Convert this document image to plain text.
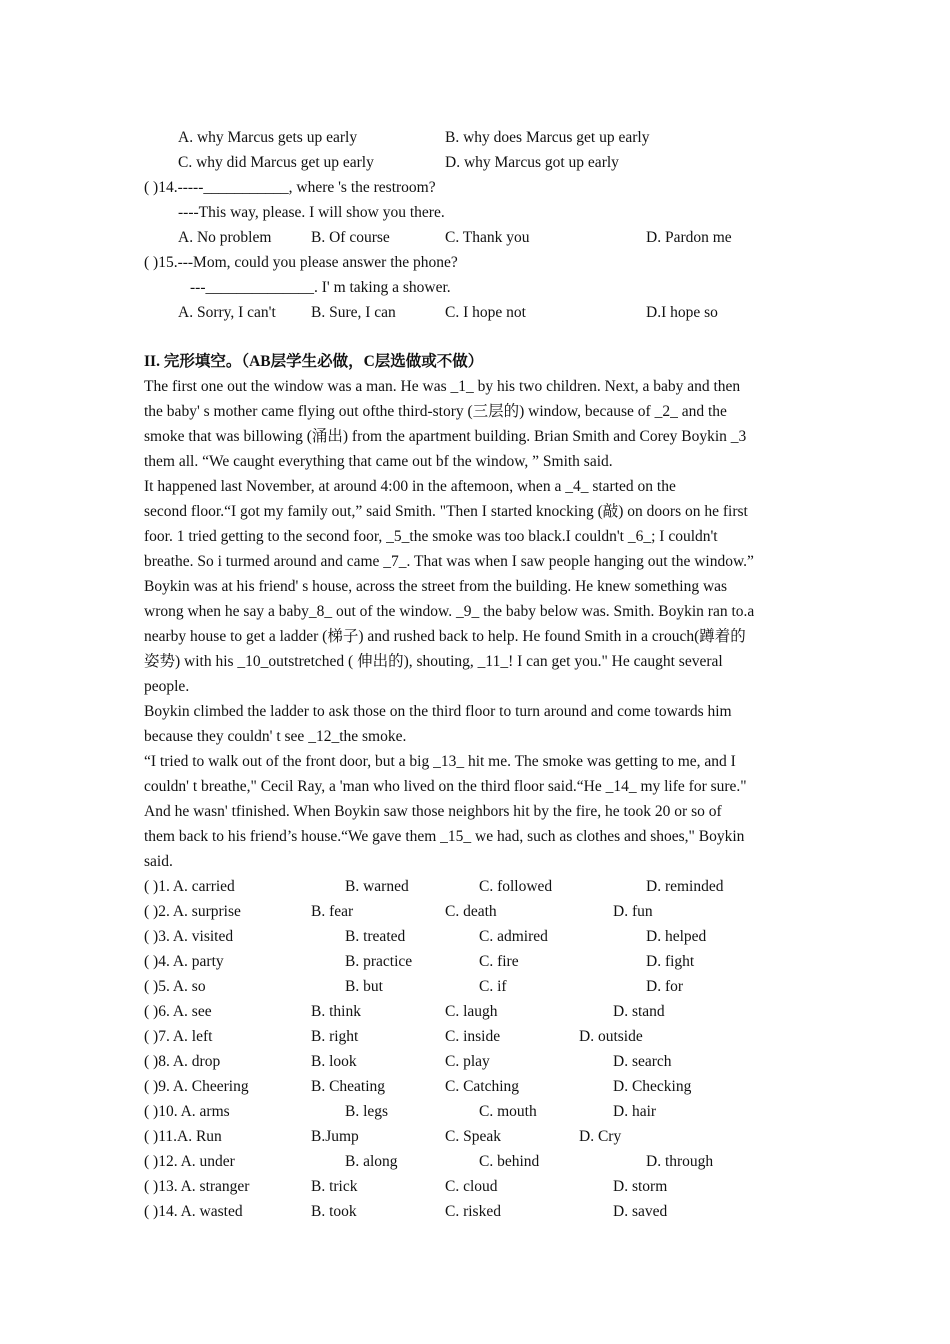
A. why Marcus gets up early	B. why does Marcus get up early
C. why did Marcus get up early	D. why Marcus got up early
( )14.-----___________, where 's the restroom?
----This way, please. I will show you there.
A. No problem	B. Of course	C. Thank you	D. Pardon me
( )15.---Mom, could you please answer the phone?
---______________. I' m taking a shower.
A. Sorry, I can't B. Sure, I can	C. I hope not	D.I hope so
II. 完形填空。（AB层学生必做，C层选做或不做）
The first one out the window was a man. He was _1_ by his two children. Next, a baby and then
the baby' s mother came flying out ofthe third-story (三层的) window, because of _2_ and the
smoke that was billowing (涌出) from the apartment building. Brian Smith and Corey Boykin _3
them all. “We caught everything that came out bf the window, ” Smith said.
It happened last November, at around 4:00 in the aftemoon, when a _4_ started on the
second floor.“I got my family out,” said Smith. "Then I started knocking (敲) on doors on he first
foor. 1 tried getting to the second foor, _5_the smoke was too black.I couldn't _6_; I couldn't
breathe. So i turmed around and came _7_. That was when I saw people hanging out the window.”
Boykin was at his friend' s house, across the street from the building. He knew something was
wrong when he say a baby_8_ out of the window. _9_ the baby below was. Smith. Boykin ran to.a
nearby house to get a ladder (梯子) and rushed back to help. He found Smith in a crouch(蹲着的
姿势) with his _10_outstretched ( 伸出的), shouting, _11_! I can get you." He caught several
people.
Boykin climbed the ladder to ask those on the third floor to turn around and come towards him
because they couldn' t see _12_the smoke.
“I tried to walk out of the front door, but a big _13_ hit me. The smoke was getting to me, and I
couldn' t breathe," Cecil Ray, a 'man who lived on the third floor said.“He _14_ my life for sure."
And he wasn' tfinished. When Boykin saw those neighbors hit by the fire, he took 20 or so of
them back to his friend’s house.“We gave them _15_ we had, such as clothes and shoes," Boykin
said.
( )1. A. carried	B. warned	C. followed	D. reminded
( )2. A. surprise	B. fear	C. death	D. fun
( )3. A. visited	B. treated	C. admired	D. helped
( )4. A. party	B. practice	C. fire	D. fight
( )5. A. so	B. but	C. if	D. for
( )6. A. see	B. think	C. laugh	D. stand
( )7. A. left	B. right	C. inside	D. outside
( )8. A. drop	B. look	C. play	D. search
( )9. A. Cheering	B. Cheating	C. Catching	D. Checking
( )10. A. arms	B. legs	C. mouth	D. hair
( )11.A. Run	B.Jump	C. Speak	D. Cry
( )12. A. under	B. along	C. behind	D. through
( )13. A. stranger	B. trick	C. cloud	D. storm
( )14. A. wasted	B. took	C. risked	D. saved
